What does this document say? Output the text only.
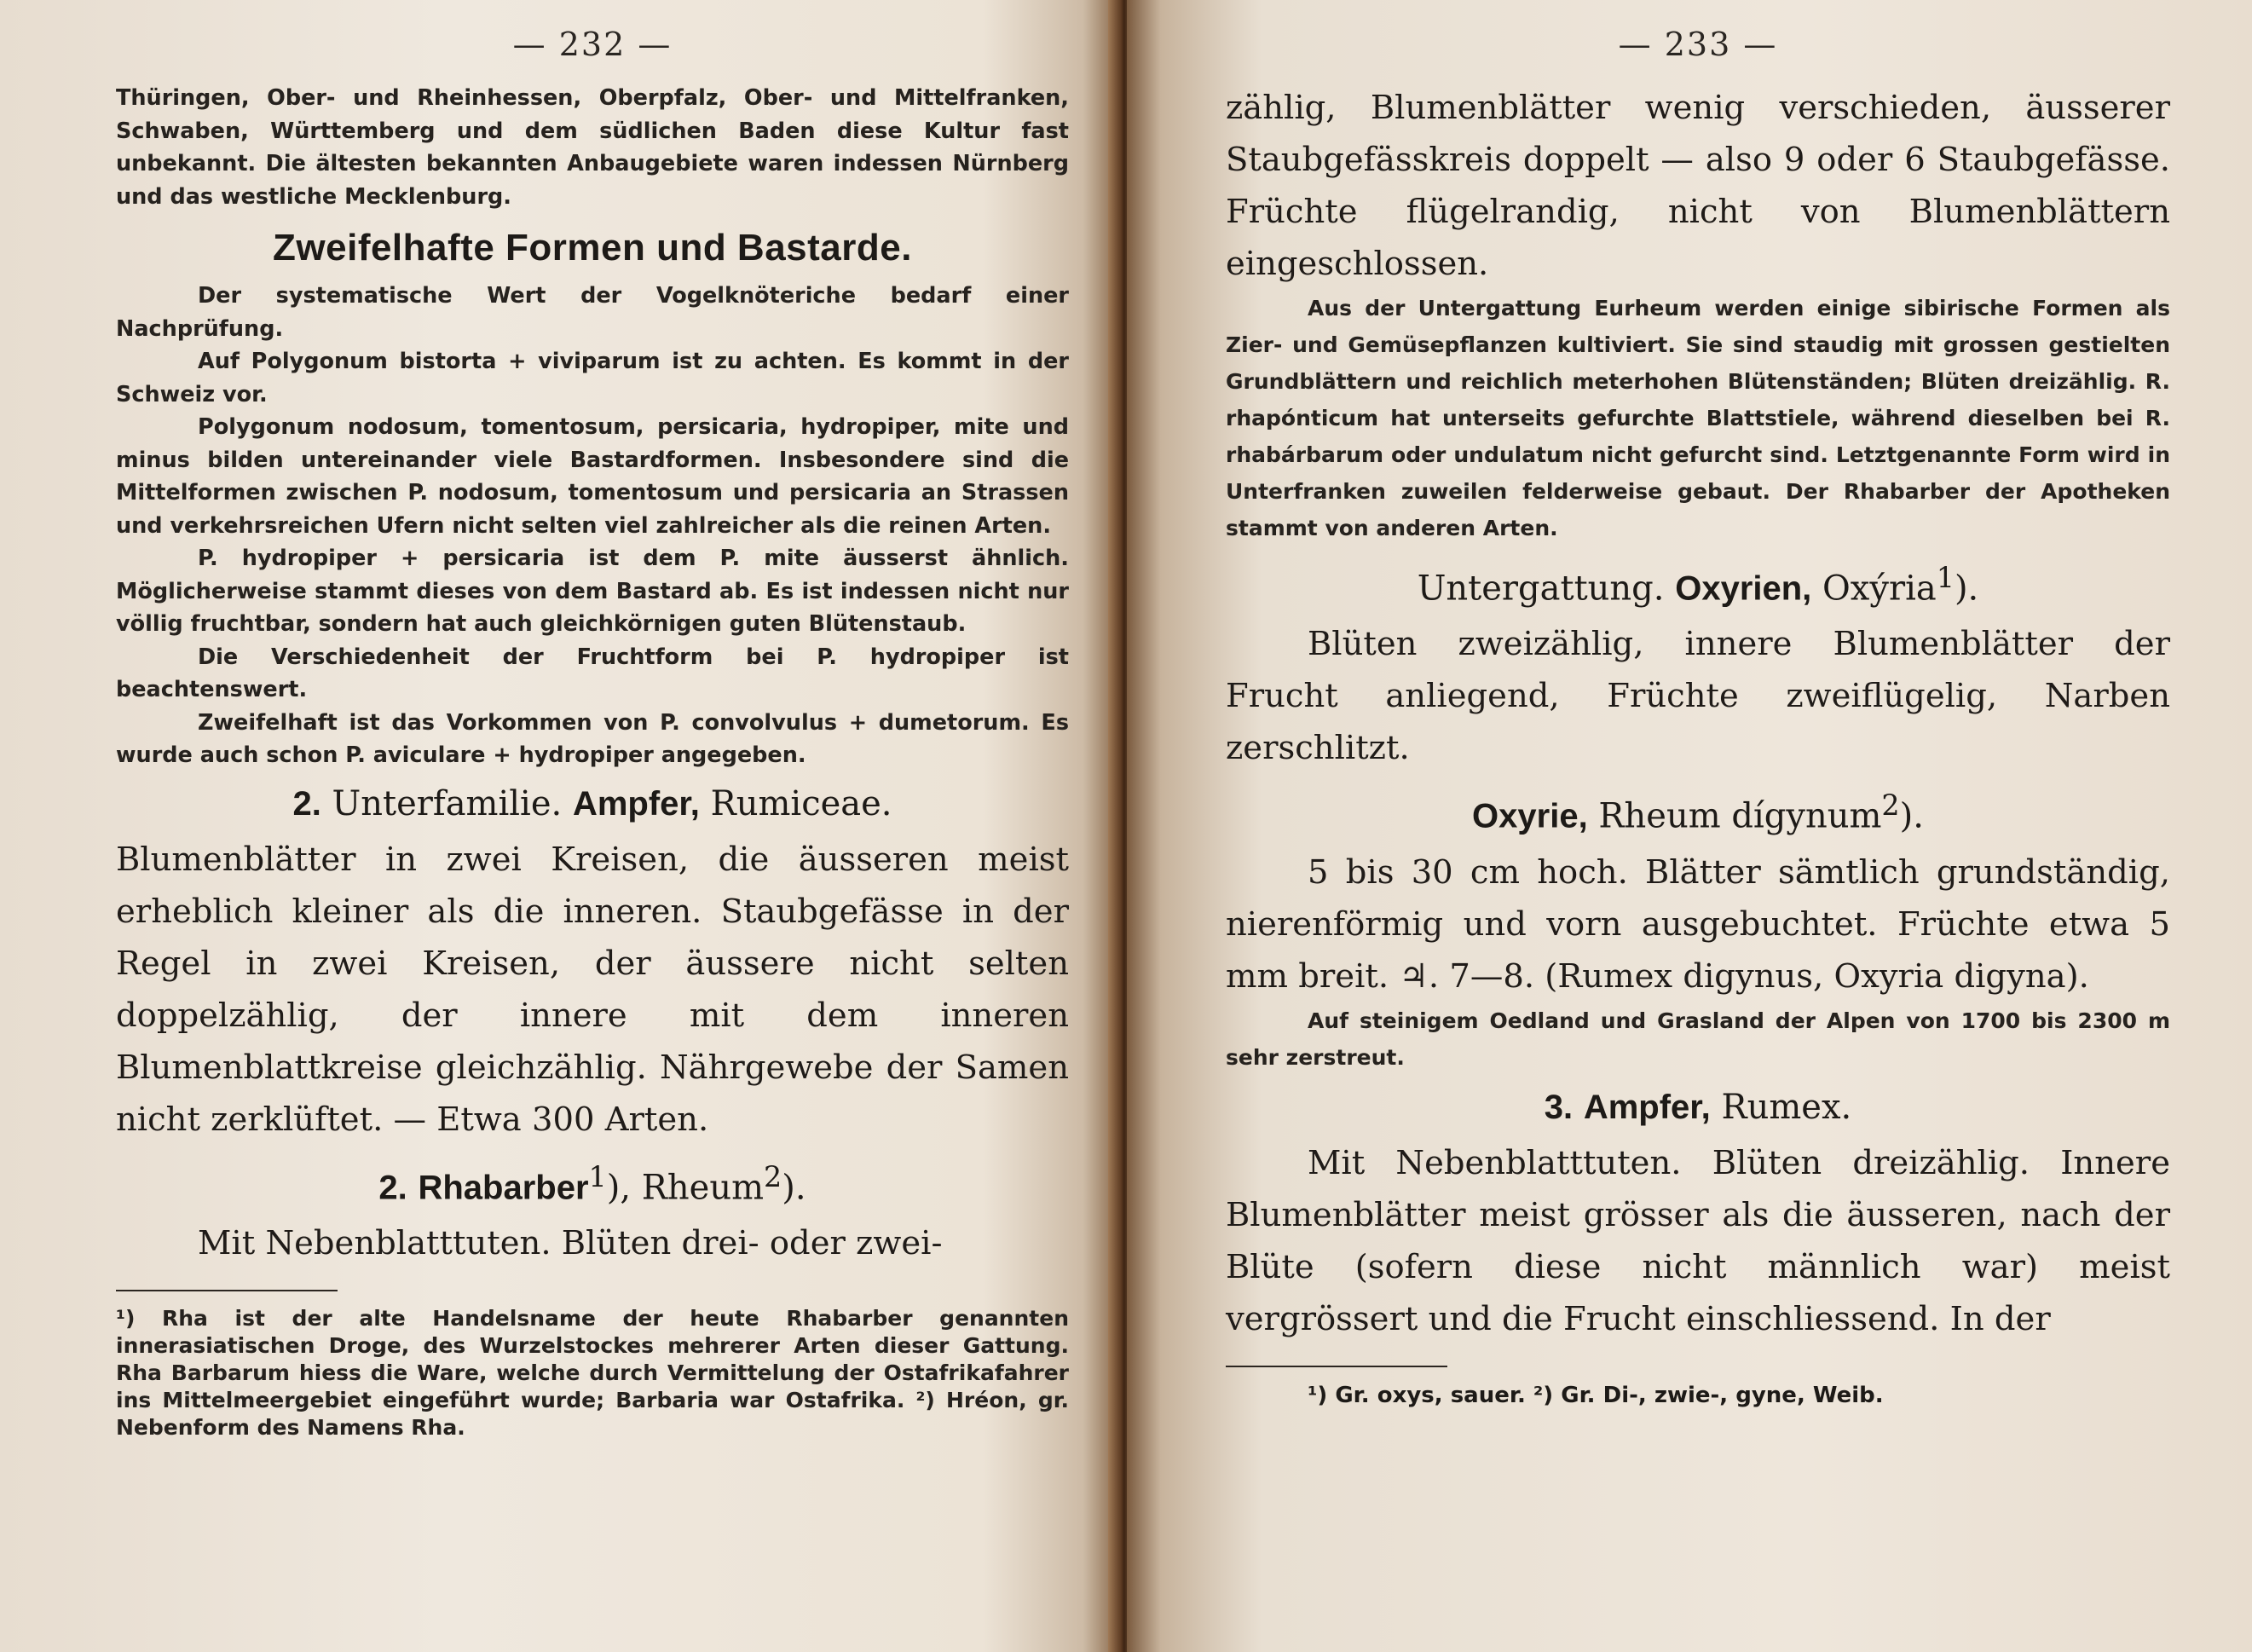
— 232 —

Thüringen, Ober- und Rheinhessen, Oberpfalz, Ober- und Mittelfranken, Schwaben, Württemberg und dem südlichen Baden diese Kultur fast unbekannt. Die ältesten bekannten Anbaugebiete waren indessen Nürnberg und das westliche Mecklenburg.

Zweifelhafte Formen und Bastarde.

Der systematische Wert der Vogelknöteriche bedarf einer Nachprüfung.

Auf Polygonum bistorta + viviparum ist zu achten. Es kommt in der Schweiz vor.

Polygonum nodosum, tomentosum, persicaria, hydropiper, mite und minus bilden untereinander viele Bastardformen. Insbesondere sind die Mittelformen zwischen P. nodosum, tomentosum und persicaria an Strassen und verkehrsreichen Ufern nicht selten viel zahlreicher als die reinen Arten.

P. hydropiper + persicaria ist dem P. mite äusserst ähnlich. Möglicherweise stammt dieses von dem Bastard ab. Es ist indessen nicht nur völlig fruchtbar, sondern hat auch gleichkörnigen guten Blütenstaub.

Die Verschiedenheit der Fruchtform bei P. hydropiper ist beachtenswert.

Zweifelhaft ist das Vorkommen von P. convolvulus + dumetorum. Es wurde auch schon P. aviculare + hydropiper angegeben.

2. Unterfamilie. Ampfer, Rumiceae.

Blumenblätter in zwei Kreisen, die äusseren meist erheblich kleiner als die inneren. Staubgefässe in der Regel in zwei Kreisen, der äussere nicht selten doppelzählig, der innere mit dem inneren Blumenblattkreise gleichzählig. Nährgewebe der Samen nicht zerklüftet. — Etwa 300 Arten.

2. Rhabarber$^1$), Rheum$^2$).

Mit Nebenblatttuten. Blüten drei- oder zwei-

¹) Rha ist der alte Handelsname der heute Rhabarber genannten innerasiatischen Droge, des Wurzelstockes mehrerer Arten dieser Gattung. Rha Barbarum hiess die Ware, welche durch Vermittelung der Ostafrikafahrer ins Mittelmeergebiet eingeführt wurde; Barbaria war Ostafrika. ²) Hréon, gr. Nebenform des Namens Rha.

— 233 —

zählig, Blumenblätter wenig verschieden, äusserer Staubgefässkreis doppelt — also 9 oder 6 Staubgefässe. Früchte flügelrandig, nicht von Blumenblättern eingeschlossen.

Aus der Untergattung Eurheum werden einige sibirische Formen als Zier- und Gemüsepflanzen kultiviert. Sie sind staudig mit grossen gestielten Grundblättern und reichlich meterhohen Blütenständen; Blüten dreizählig. R. rhapónticum hat unterseits gefurchte Blattstiele, während dieselben bei R. rhabárbarum oder undulatum nicht gefurcht sind. Letztgenannte Form wird in Unterfranken zuweilen felderweise gebaut. Der Rhabarber der Apotheken stammt von anderen Arten.

Untergattung. Oxyrien, Oxýria$^1$).

Blüten zweizählig, innere Blumenblätter der Frucht anliegend, Früchte zweiflügelig, Narben zerschlitzt.

Oxyrie, Rheum dígynum$^2$).

5 bis 30 cm hoch. Blätter sämtlich grundständig, nierenförmig und vorn ausgebuchtet. Früchte etwa 5 mm breit. ♃. 7—8. (Rumex digynus, Oxyria digyna).

Auf steinigem Oedland und Grasland der Alpen von 1700 bis 2300 m sehr zerstreut.

3. Ampfer, Rumex.

Mit Nebenblatttuten. Blüten dreizählig. Innere Blumenblätter meist grösser als die äusseren, nach der Blüte (sofern diese nicht männlich war) meist vergrössert und die Frucht einschliessend. In der

¹) Gr. oxys, sauer. ²) Gr. Di-, zwie-, gyne, Weib.
